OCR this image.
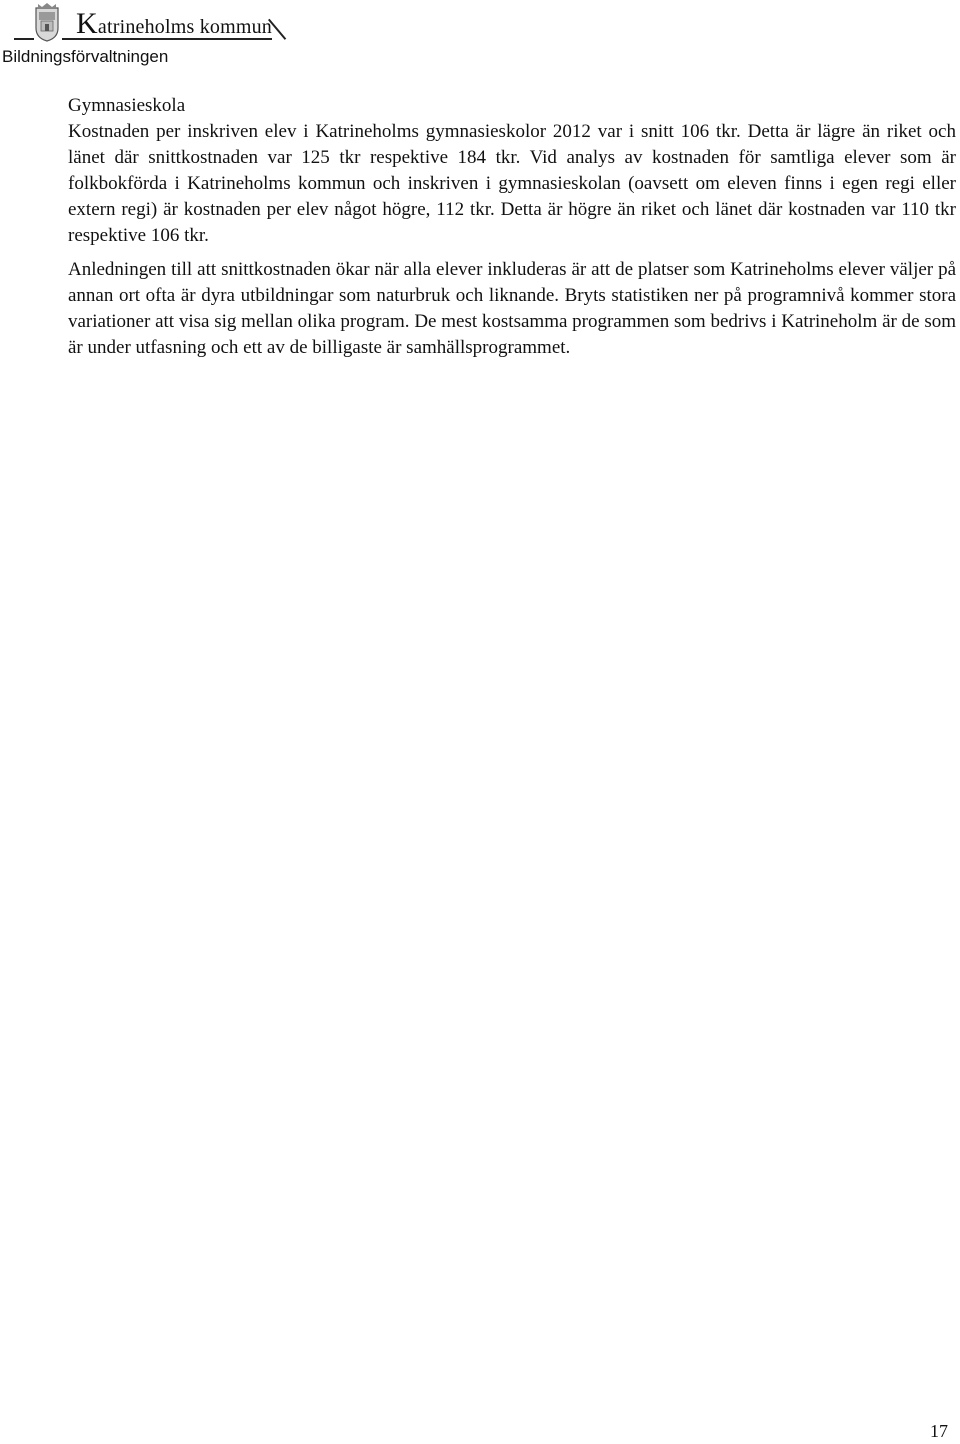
Katrineholms kommun
Bildningsförvaltningen
Gymnasieskola

Kostnaden per inskriven elev i Katrineholms gymnasieskolor 2012 var i snitt 106 tkr. Detta är lägre än riket och länet där snittkostnaden var 125 tkr respektive 184 tkr. Vid analys av kostnaden för samtliga elever som är folkbokförda i Katrineholms kommun och inskriven i gymnasieskolan (oavsett om eleven finns i egen regi eller extern regi) är kostnaden per elev något högre, 112 tkr. Detta är högre än riket och länet där kostnaden var 110 tkr respektive 106 tkr.

Anledningen till att snittkostnaden ökar när alla elever inkluderas är att de platser som Katrineholms elever väljer på annan ort ofta är dyra utbildningar som naturbruk och liknande. Bryts statistiken ner på programnivå kommer stora variationer att visa sig mellan olika program. De mest kostsamma programmen som bedrivs i Katrineholm är de som är under utfasning och ett av de billigaste är samhällsprogrammet.

17
